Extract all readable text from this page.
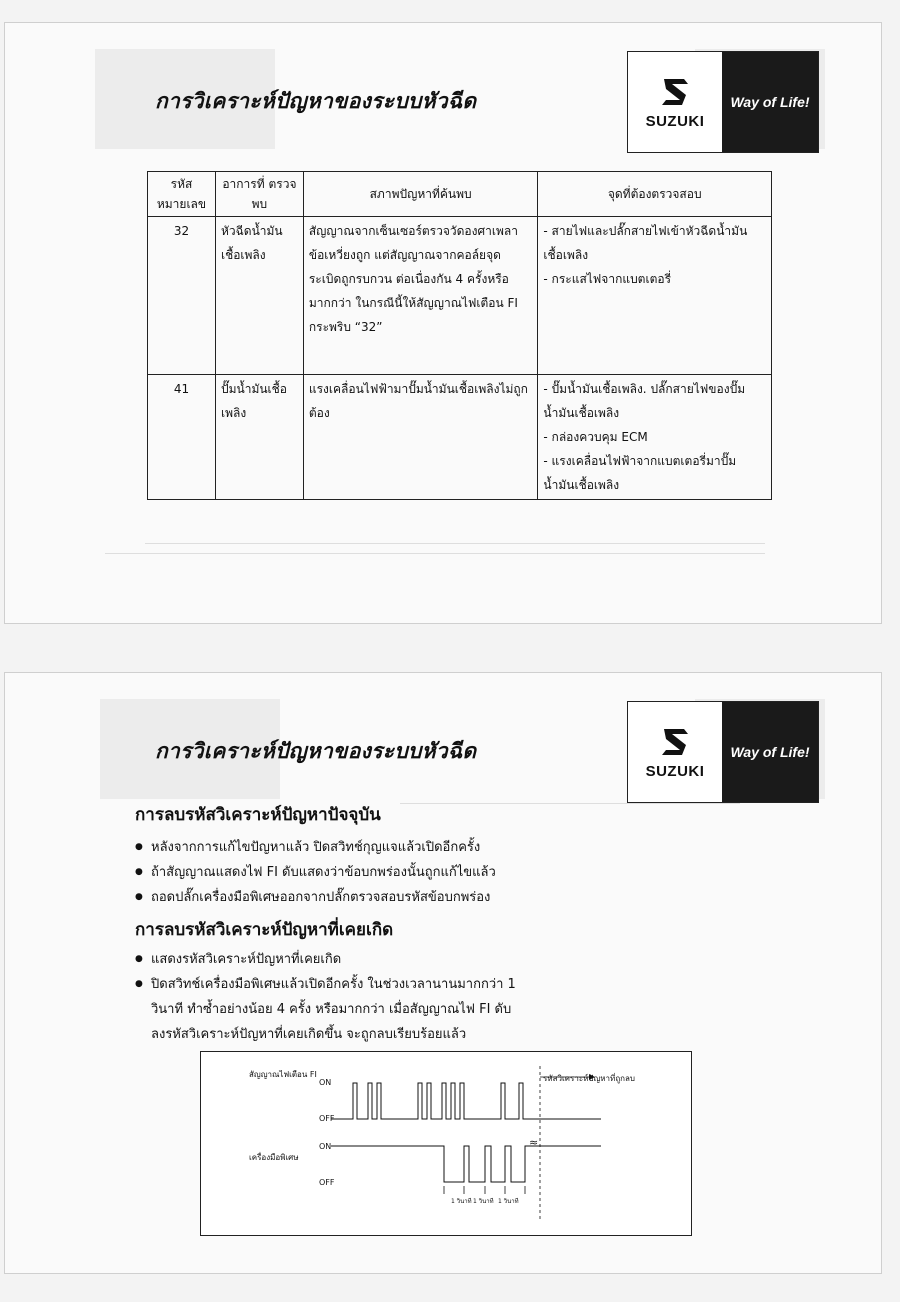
การวิเคราะห์ปัญหาของระบบหัวฉีด
SUZUKI
Way of Life!
รหัส หมายเลข	อาการที่ ตรวจพบ	สภาพปัญหาที่ค้นพบ	จุดที่ต้องตรวจสอบ
32	หัวฉีดน้ำมันเชื้อเพลิง	สัญญาณจากเซ็นเซอร์ตรวจวัดองศาเพลาข้อเหวี่ยงถูก แต่สัญญาณจากคอล์ยจุดระเบิดถูกรบกวน ต่อเนื่องกัน 4 ครั้งหรือมากกว่า ในกรณีนี้ให้สัญญาณไฟเตือน FI กระพริบ “32”	- สายไฟและปลั๊กสายไฟเข้าหัวฉีดน้ำมันเชื้อเพลิง
- กระแสไฟจากแบตเตอรี่

41	ปั๊มน้ำมันเชื้อเพลิง	แรงเคลื่อนไฟฟ้ามาปั๊มน้ำมันเชื้อเพลิงไม่ถูกต้อง	- ปั๊มน้ำมันเชื้อเพลิง. ปลั๊กสายไฟของปั๊มน้ำมันเชื้อเพลิง
- กล่องควบคุม ECM
- แรงเคลื่อนไฟฟ้าจากแบตเตอรี่มาปั๊มน้ำมันเชื้อเพลิง
การวิเคราะห์ปัญหาของระบบหัวฉีด
SUZUKI
Way of Life!
การลบรหัสวิเคราะห์ปัญหาปัจจุบัน
● หลังจากการแก้ไขปัญหาแล้ว ปิดสวิทช์กุญแจแล้วเปิดอีกครั้ง
● ถ้าสัญญาณแสดงไฟ FI ดับแสดงว่าข้อบกพร่องนั้นถูกแก้ไขแล้ว
● ถอดปลั๊กเครื่องมือพิเศษออกจากปลั๊กตรวจสอบรหัสข้อบกพร่อง
การลบรหัสวิเคราะห์ปัญหาที่เคยเกิด
● แสดงรหัสวิเคราะห์ปัญหาที่เคยเกิด
● ปิดสวิทช์เครื่องมือพิเศษแล้วเปิดอีกครั้ง ในช่วงเวลานานมากกว่า 1
วินาที ทำซ้ำอย่างน้อย 4 ครั้ง หรือมากกว่า เมื่อสัญญาณไฟ FI ดับ
ลงรหัสวิเคราะห์ปัญหาที่เคยเกิดขึ้น จะถูกลบเรียบร้อยแล้ว
สัญญาณไฟเตือน FI
ON
OFF
รหัสวิเคราะห์ปัญหาที่ถูกลบ
เครื่องมือพิเศษ
ON
OFF
≈
1 วินาที 1 วินาที 1 วินาที
